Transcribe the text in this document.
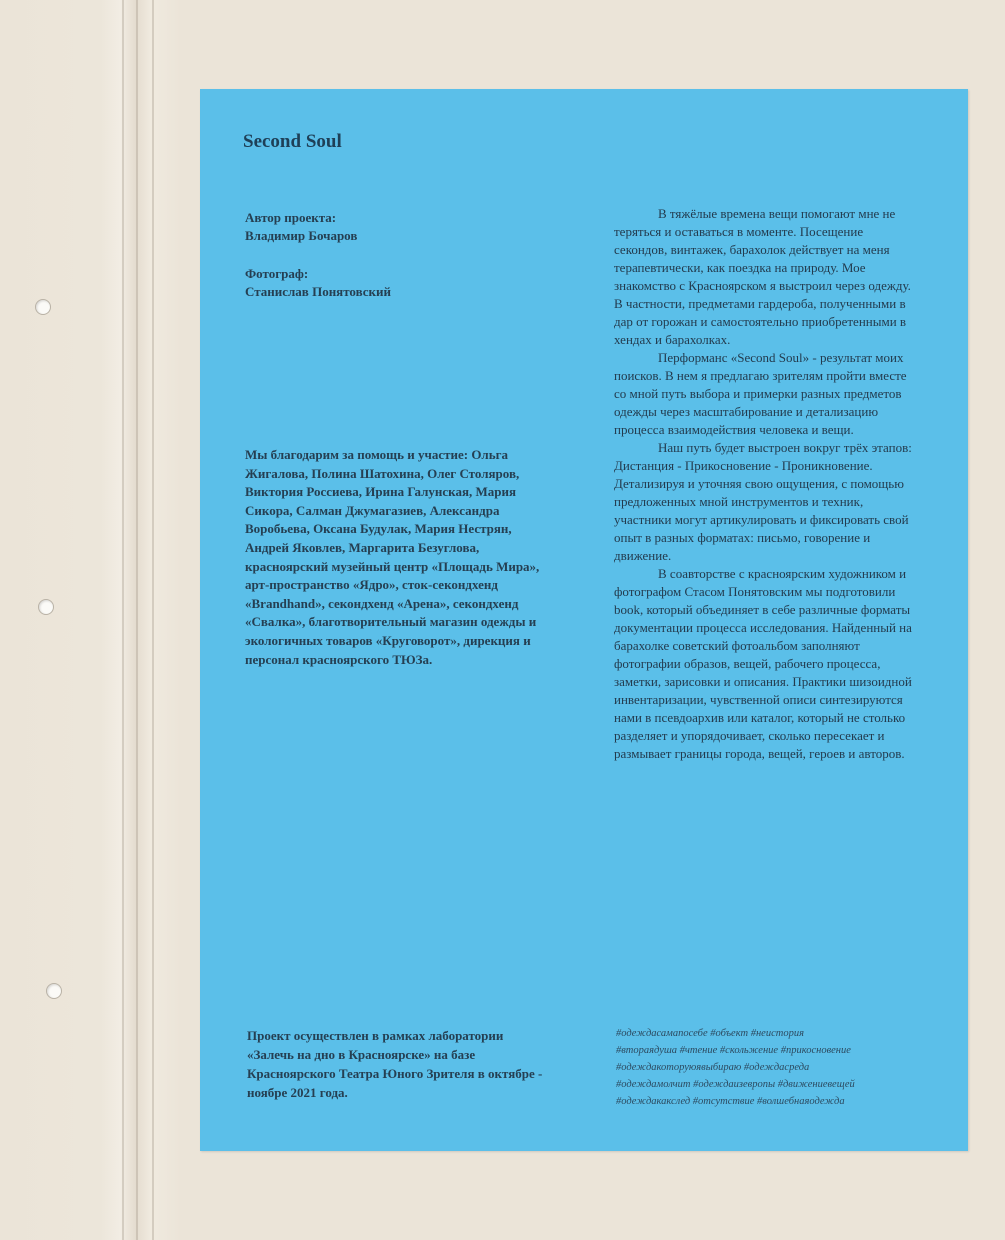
Second Soul
Автор проекта:
Владимир Бочаров
Фотограф:
Станислав Понятовский
Мы благодарим за помощь и участие: Ольга Жигалова, Полина Шатохина, Олег Столяров, Виктория Россиева, Ирина Галунская, Мария Сикора, Салман Джумагазиев, Александра Воробьева, Оксана Будулак, Мария Нестрян, Андрей Яковлев, Маргарита Безуглова, красноярский музейный центр «Площадь Мира», арт-пространство «Ядро», сток-секондхенд «Brandhand», секондхенд «Арена», секондхенд «Свалка», благотворительный магазин одежды и экологичных товаров «Круговорот», дирекция и персонал красноярского ТЮЗа.

В тяжёлые времена вещи помогают мне не теряться и оставаться в моменте. Посещение секондов, винтажек, барахолок действует на меня терапевтически, как поездка на природу. Мое знакомство с Красноярском я выстроил через одежду.

В частности, предметами гардероба, полученными в дар от горожан и самостоятельно приобретенными в хендах и барахолках.

Перформанс «Second Soul» - результат моих поисков. В нем я предлагаю зрителям пройти вместе со мной путь выбора и примерки разных предметов одежды через масштабирование и детализацию процесса взаимодействия человека и вещи.

Наш путь будет выстроен вокруг трёх этапов: Дистанция - Прикосновение - Проникновение. Детализируя и уточняя свою ощущения, с помощью предложенных мной инструментов и техник, участники могут артикулировать и фиксировать свой опыт в разных форматах: письмо, говорение и движение.

В соавторстве с красноярским художником и фотографом Стасом Понятовским мы подготовили book, который объединяет в себе различные форматы документации процесса исследования. Найденный на барахолке советский фотоальбом заполняют фотографии образов, вещей, рабочего процесса, заметки, зарисовки и описания. Практики шизоидной инвентаризации, чувственной описи синтезируются нами в псевдоархив или каталог, который не столько разделяет и упорядочивает, сколько пересекает и размывает границы города, вещей, героев и авторов.

Проект осуществлен в рамках лаборатории «Залечь на дно в Красноярске» на базе Красноярского Театра Юного Зрителя в октябре - ноябре 2021 года.
#одеждасамапосебе #объект #неистория
#вторaядуша #чтение #скольжение #прикосновение
#одеждакоторуюявыбираю #одеждасреда
#одеждамолчит #одеждаизевропы #движениевещей
#одеждакакслед #отсутствие #волшебнаяодежда
